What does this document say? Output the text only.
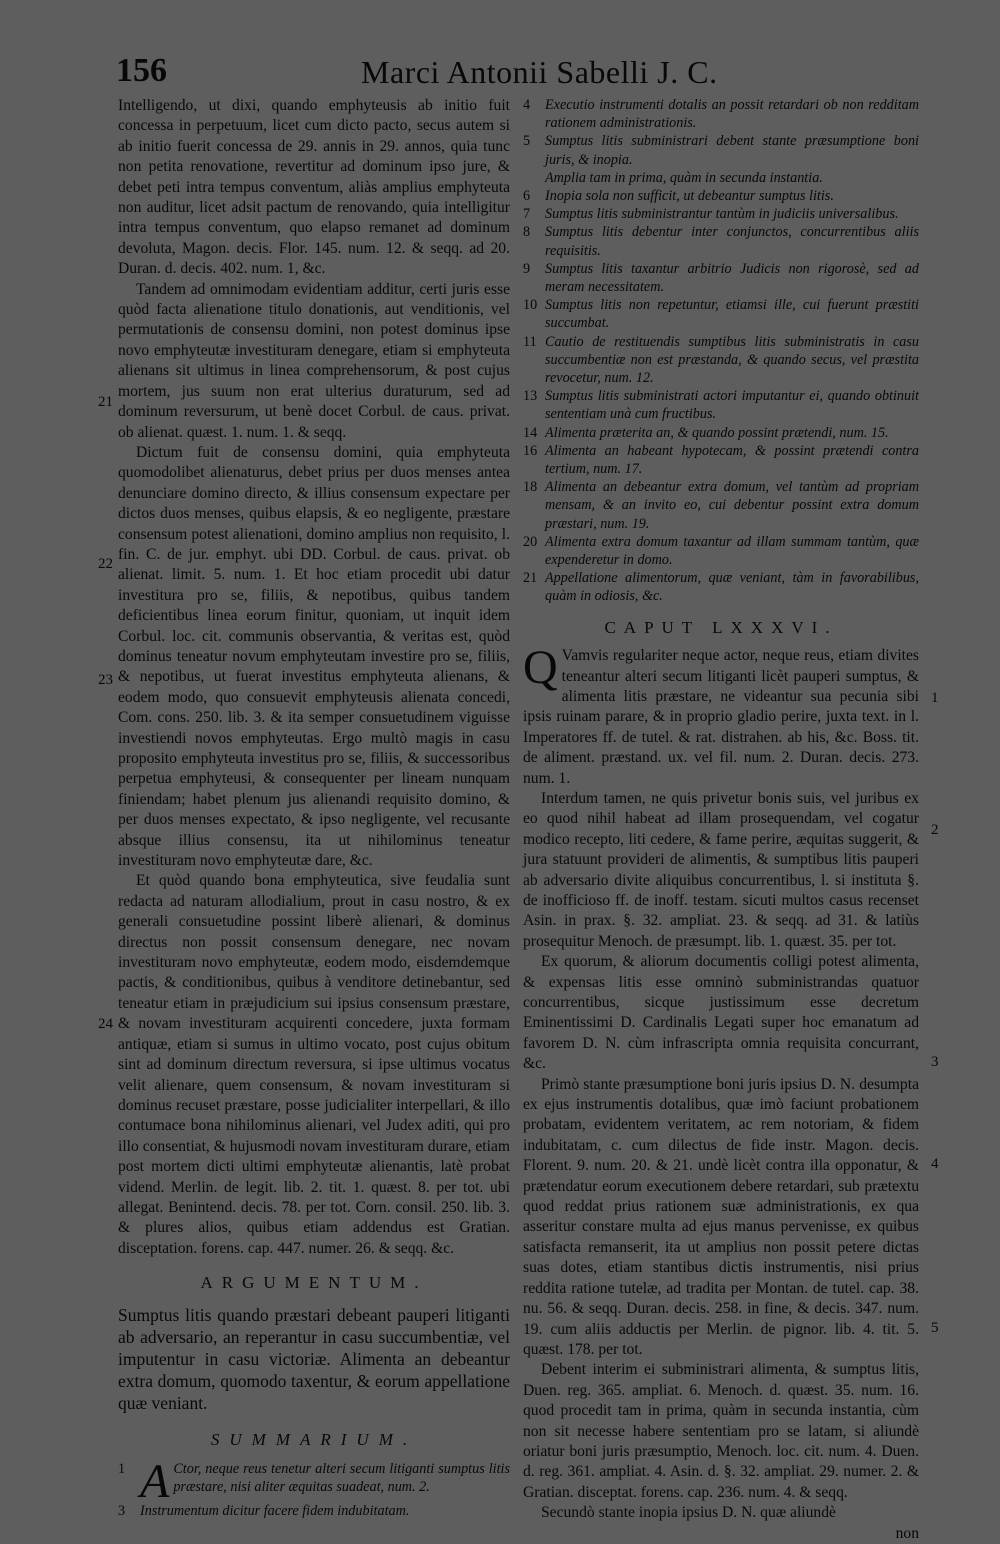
156	Marci Antonii Sabelli J. C.

Intelligendo, ut dixi, quando emphyteusis ab initio fuit concessa in perpetuum, licet cum dicto pacto, secus autem si ab initio fuerit concessa de 29. annis in 29. annos, quia tunc non petita renovatione, revertitur ad dominum ipso jure, & debet peti intra tempus conventum, aliàs amplius emphyteuta non auditur, licet adsit pactum de renovando, quia intelligitur intra tempus conventum, quo elapso remanet ad dominum devoluta, Magon. decis. Flor. 145. num. 12. & seqq. ad 20. Duran. d. decis. 402. num. 1, &c.

Tandem ad omnimodam evidentiam additur, certi juris esse quòd facta alienatione titulo donationis, aut venditionis, vel permutationis de consensu domini, non potest dominus ipse novo emphyteutæ investituram denegare, etiam si emphyteuta alienans sit ultimus in linea comprehensorum, & post cujus mortem, jus suum non erat ulterius duraturum, sed ad dominum reversurum, ut benè docet Corbul. de caus. privat. ob alienat. quæst. 1. num. 1. & seqq.

Dictum fuit de consensu domini, quia emphyteuta quomodolibet alienaturus, debet prius per duos menses antea denunciare domino directo, & illius consensum expectare per dictos duos menses, quibus elapsis, & eo negligente, præstare consensum potest alienationi, domino amplius non requisito, l. fin. C. de jur. emphyt. ubi DD. Corbul. de caus. privat. ob alienat. limit. 5. num. 1. Et hoc etiam procedit ubi datur investitura pro se, filiis, & nepotibus, quibus tandem deficientibus linea eorum finitur, quoniam, ut inquit idem Corbul. loc. cit. communis observantia, & veritas est, quòd dominus teneatur novum emphyteutam investire pro se, filiis, & nepotibus, ut fuerat investitus emphyteuta alienans, & eodem modo, quo consuevit emphyteusis alienata concedi, Com. cons. 250. lib. 3. & ita semper consuetudinem viguisse investiendi novos emphyteutas. Ergo multò magis in casu proposito emphyteuta investitus pro se, filiis, & successoribus perpetua emphyteusi, & consequenter per lineam nunquam finiendam; habet plenum jus alienandi requisito domino, & per duos menses expectato, & ipso negligente, vel recusante absque illius consensu, ita ut nihilominus teneatur investituram novo emphyteutæ dare, &c.

Et quòd quando bona emphyteutica, sive feudalia sunt redacta ad naturam allodialium, prout in casu nostro, & ex generali consuetudine possint liberè alienari, & dominus directus non possit consensum denegare, nec novam investituram novo emphyteutæ, eodem modo, eisdemdemque pactis, & conditionibus, quibus à venditore detinebantur, sed teneatur etiam in præjudicium sui ipsius consensum præstare, & novam investituram acquirenti concedere, juxta formam antiquæ, etiam si sumus in ultimo vocato, post cujus obitum sint ad dominum directum reversura, si ipse ultimus vocatus velit alienare, quem consensum, & novam investituram si dominus recuset præstare, posse judicialiter interpellari, & illo contumace bona nihilominus alienari, vel Judex aditi, qui pro illo consentiat, & hujusmodi novam investituram durare, etiam post mortem dicti ultimi emphyteutæ alienantis, latè probat vidend. Merlin. de legit. lib. 2. tit. 1. quæst. 8. per tot. ubi allegat. Benintend. decis. 78. per tot. Corn. consil. 250. lib. 3. & plures alios, quibus etiam addendus est Gratian. disceptation. forens. cap. 447. numer. 26. & seqq. &c.

ARGUMENTUM.

Sumptus litis quando præstari debeant pauperi litiganti ab adversario, an reperantur in casu succumbentiæ, vel imputentur in casu victoriæ. Alimenta an debeantur extra domum, quomodo taxentur, & eorum appellatione quæ veniant.

SUMMARIUM.

1 A Ctor, neque reus tenetur alteri secum litiganti sumptus litis præstare, nisi aliter æquitas suadeat, num. 2.

3 Instrumentum dicitur facere fidem indubitatam.

21
22
23
24

4 Executio instrumenti dotalis an possit retardari ob non redditam rationem administrationis.

5 Sumptus litis subministrari debent stante præsumptione boni juris, & inopia.

Amplia tam in prima, quàm in secunda instantia.

6 Inopia sola non sufficit, ut debeantur sumptus litis.

7 Sumptus litis subministrantur tantùm in judiciis universalibus.

8 Sumptus litis debentur inter conjunctos, concurrentibus aliis requisitis.

9 Sumptus litis taxantur arbitrio Judicis non rigorosè, sed ad meram necessitatem.

10 Sumptus litis non repetuntur, etiamsi ille, cui fuerunt præstiti succumbat.

11 Cautio de restituendis sumptibus litis subministratis in casu succumbentiæ non est præstanda, & quando secus, vel præstita revocetur, num. 12.

13 Sumptus litis subministrati actori imputantur ei, quando obtinuit sententiam unà cum fructibus.

14 Alimenta præterita an, & quando possint prætendi, num. 15.

16 Alimenta an habeant hypotecam, & possint prætendi contra tertium, num. 17.

18 Alimenta an debeantur extra domum, vel tantùm ad propriam mensam, & an invito eo, cui debentur possint extra domum præstari, num. 19.

20 Alimenta extra domum taxantur ad illam summam tantùm, quæ expenderetur in domo.

21 Appellatione alimentorum, quæ veniant, tàm in favorabilibus, quàm in odiosis, &c.

CAPUT LXXXVI.

Q Vamvis regulariter neque actor, neque reus, etiam divites teneantur alteri secum litiganti licèt pauperi sumptus, & alimenta litis præstare, ne videantur sua pecunia sibi ipsis ruinam parare, & in proprio gladio perire, juxta text. in l. Imperatores ff. de tutel. & rat. distrahen. ab his, &c. Boss. tit. de aliment. præstand. ux. vel fil. num. 2. Duran. decis. 273. num. 1.

Interdum tamen, ne quis privetur bonis suis, vel juribus ex eo quod nihil habeat ad illam prosequendam, vel cogatur modico recepto, liti cedere, & fame perire, æquitas suggerit, & jura statuunt provideri de alimentis, & sumptibus litis pauperi ab adversario divite aliquibus concurrentibus, l. si instituta §. de inofficioso ff. de inoff. testam. sicuti multos casus recenset Asin. in prax. §. 32. ampliat. 23. & seqq. ad 31. & latiùs prosequitur Menoch. de præsumpt. lib. 1. quæst. 35. per tot.

Ex quorum, & aliorum documentis colligi potest alimenta, & expensas litis esse omninò subministrandas quatuor concurrentibus, sicque justissimum esse decretum Eminentissimi D. Cardinalis Legati super hoc emanatum ad favorem D. N. cùm infrascripta omnia requisita concurrant, &c.

Primò stante præsumptione boni juris ipsius D. N. desumpta ex ejus instrumentis dotalibus, quæ imò faciunt probationem probatam, evidentem veritatem, ac rem notoriam, & fidem indubitatam, c. cum dilectus de fide instr. Magon. decis. Florent. 9. num. 20. & 21. undè licèt contra illa opponatur, & prætendatur eorum executionem debere retardari, sub prætextu quod reddat prius rationem suæ administrationis, ex qua asseritur constare multa ad ejus manus pervenisse, ex quibus satisfacta remanserit, ita ut amplius non possit petere dictas suas dotes, etiam stantibus dictis instrumentis, nisi prius reddita ratione tutelæ, ad tradita per Montan. de tutel. cap. 38. nu. 56. & seqq. Duran. decis. 258. in fine, & decis. 347. num. 19. cum aliis adductis per Merlin. de pignor. lib. 4. tit. 5. quæst. 178. per tot.

Debent interim ei subministrari alimenta, & sumptus litis, Duen. reg. 365. ampliat. 6. Menoch. d. quæst. 35. num. 16. quod procedit tam in prima, quàm in secunda instantia, cùm non sit necesse habere sententiam pro se latam, si aliundè oriatur boni juris præsumptio, Menoch. loc. cit. num. 4. Duen. d. reg. 361. ampliat. 4. Asin. d. §. 32. ampliat. 29. numer. 2. & Gratian. disceptat. forens. cap. 236. num. 4. & seqq.

Secundò stante inopia ipsius D. N. quæ aliundè

non

1
2
3
4
5
